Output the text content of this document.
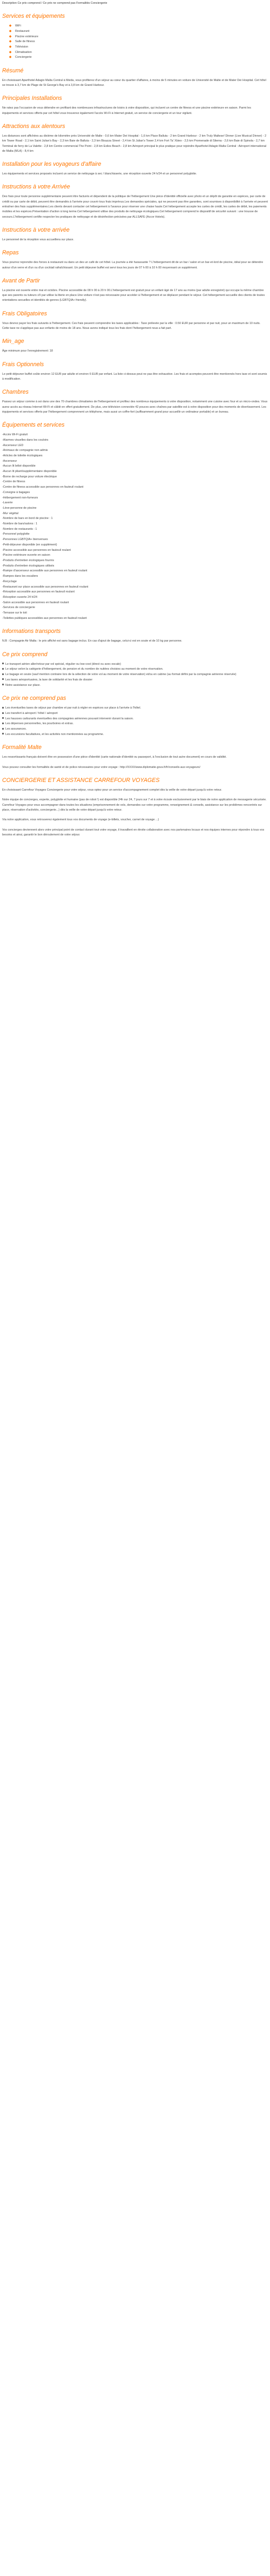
Description Ce prix comprend / Ce prix ne comprend pas Formalités Conciergerie

Services et équipements
◆ WiFi
◆ Restaurant
◆ Piscine extérieure
◆ Salle de fitness
◆ Télévision
◆ Climatisation
◆ Conciergerie
Résumé

En choisissant Aparthotel Adagio Malta Central à Msida, vous profiterez d'un séjour au cœur du quartier d'affaires, à moins de 5 minutes en voiture de Université de Malte et de Mater Dei Hospital. Cet hôtel se trouve à 3,7 km de Plage de St George's Bay et à 3,8 km de Grand Harbour.

Principales Installations

Ne ratez pas l'occasion de vous détendre en profitant des nombreuses infrastructures de loisirs à votre disposition, qui incluent un centre de fitness et une piscine extérieure en saison. Parmi les équipements et services offerts par cet hôtel vous trouverez également l'accès Wi-Fi à Internet gratuit, un service de conciergerie et un tour vigilant.

Attractions aux alentours

Les distances sont affichées au dixième de kilomètre près Université de Malte - 0,6 km Mater Dei Hospital - 1,6 km Place Balluta - 2 km Grand Harbour - 2 km Truly Maltese! Dinner (Live Musical Dinner) - 2 km Tower Road - 2,1 km Saint Julian's Bay - 2,3 km Baie de Balluta - 2,3 km Bisazza Street - 2,4 km St Julian's Tower 2,4 km Fort Ta' Xbiex - 2,5 km Promenade di Sliema - 2,6 km Baie di Spinola - 2,7 km Terminal de ferry de La Valette - 2,8 km Centre commercial The Point - 2,8 km Exiles Beach - 2,8 km Aéroport principal le plus pratique pour rejoindre Aparthotel Adagio Malta Central : Aéroport international de Malta (MLA) - 8,4 km

Installation pour les voyageurs d'affaire

Les équipements et services proposés incluent un service de nettoyage à sec / blanchisserie, une réception ouverte 24 h/24 et un personnel polyglotte.

Instructions à votre Arrivée

Des frais pour toute personne supplémentaire peuvent être facturés et dépendent de la politique de l'hébergement Une pièce d'identité officielle avec photo et un dépôt de garantie en espèces, par carte de crédit ou par carte de débit, peuvent être demandés à l'arrivée pour couvrir tous frais imprévus.Les demandes spéciales, qui ne peuvent pas être garanties, sont soumises à disponibilité à l'arrivée et peuvent entraîner des frais supplémentaires.Les clients devant contacter cet hébergement à l'avance pour réserver une chaise haute.Cet hébergement accepte les cartes de crédit, les cartes de débit, les paiements mobiles et les espèces.Présentation d'action à long terme.Cet hébergement utilise des produits de nettoyage écologiques.Cet hébergement comprend le dispositif de sécurité suivant : une trousse de secours.L'hébergement certifie respecter les pratiques de nettoyage et de désinfection précisées par ALLSAFE (Accor Hotels).

Instructions à votre arrivée

Le personnel de la réception vous accueillera sur place.

Repas

Vous pourrez reprendre des forces à restaurant ou dans un des un café de cet hôtel. La journée a été harassante ? L'hébergement dit de un bar / salon et un bar-et-lord de piscine, idéal pour se détendre autour d'un verre et d'un ou d'un cocktail rafraîchissant. Un petit déjeuner buffet est servi tous les jours de 07 h 00 à 10 h 00 moyennant un supplément.

Avant de Partir

La piscine est ouverte entre mai et octobre. Piscine accessible de 08 h 00 à 20 h 00.L'hébergement est gratuit pour un enfant âgé de 17 ans au moins (par adulte enregistré) qui occupe la même chambre que ses parents ou tuteurs s'il par utilise la literie en place.Une voiture n'est pas nécessaire pour accéder à l'hébergement et se déplacer pendant le séjour. Cet hébergement accueille des clients de toutes orientations sexuelles et identités de genres (LGBTQIA+ friendly).

Frais Obligatoires

Vous devrez payer les frais suivants à l'hébergement. Ces frais peuvent comprendre les taxes applicables : Taxe prélevée par la ville : 0.50 EUR par personne et par nuit, pour un maximum de 10 nuits. Cette taxe ne s'applique pas aux enfants de moins de 18 ans. Nous avons indiqué tous les frais dont l'hébergement nous a fait part.

Min_age

Âge minimum pour l'enregistrement: 18

Frais Optionnels

Le petit-déjeuner buffet coûte environ 12 EUR par adulte et environ 6 EUR par enfant. La liste ci-dessus peut ne pas être exhaustive. Les frais et acomptes peuvent être mentionnés hors taxe et sont soumis à modification.

Chambres

Passez un séjour comme à soi dans une des 70 chambres climatisées de l'hébergement et profitez des nombreux équipements à votre disposition, notamment une cuisine avec four et un micro-ondes. Vous aurez accès au réseau Internet Wi-Fi et câblé en offert gratuitement. De plus, une télévision connectée 42 pouces avec chaînes par satellite est à votre disposition pour des moments de divertissement. Les équipements et services offerts par l'hébergement comprennent un téléphone, mais aussi un coffre-fort (suffisamment grand pour accueillir un ordinateur portable) et un bureau.

Équipements et services
-Accès Wi-Fi gratuit
-Alarmes visuelles dans les couloirs
-Ascenseur LED
-Animaux de compagnie non admis
-Articles de toilette écologiques
-Ascenseur
-Aucun lit bébé disponible
-Aucun lit pliant/supplémentaire disponible
-Borne de recharge pour voiture électrique
-Centre de fitness
-Centre de fitness accessible aux personnes en fauteuil roulant
-Consigne à bagages
-Hébergement non-fumeurs
-Laverie
-Lève-personne de piscine
-Mur végétal
-Nombre de bars en bord de piscine : 1
-Nombre de bars/salons : 1
-Nombre de restaurants : 1
-Personnel polyglotte
-Personnes LGBTQIA+ bienvenues
-Petit-déjeuner disponible (en supplément)
-Piscine accessible aux personnes en fauteuil roulant
-Piscine extérieure ouverte en saison
-Produits d'entretien écologiques fournis
-Produits d'entretien écologiques utilisés
-Rampe d'ascenseur accessible aux personnes en fauteuil roulant
-Rampes dans les escaliers
-Recyclage
-Restaurant sur place accessible aux personnes en fauteuil roulant
-Réception accessible aux personnes en fauteuil roulant
-Réception ouverte 24 h/24
-Salon accessible aux personnes en fauteuil roulant
-Services de conciergerie
-Terrasse sur le toit
-Toilettes publiques accessibles aux personnes en fauteuil roulant
Informations transports

N.B : Compagnie Air Malta : le prix affiché est sans bagage inclus. En cas d'ajout de bagage, celui-ci est en soute et de 10 kg par personne.

Ce prix comprend
Le transport aérien aller/retour par vol spécial, régulier ou low-cost (direct ou avec escale)
Le séjour selon la catégorie d'hébergement, de pension et du nombre de nuitées choisies au moment de votre réservation.
Le bagage en soute (sauf mention contraire lors de la sélection de votre vol au moment de votre réservation) et/ou en cabine (au format défini par la compagnie aérienne réservée)
Les taxes aéroportuaires, la taxe de solidarité et les frais de dossier
Notre assistance sur place.
Ce prix ne comprend pas
Les éventuelles taxes de séjour par chambre et par nuit à régler en espèces sur place à l'arrivée à l'hôtel.
Les transfert à aéroport / hôtel / aéroport
Les hausses carburants éventuelles des compagnies aériennes pouvant intervenir durant la saison.
Les dépenses personnelles, les pourboires et extras.
Les assurances.
Les excursions facultatives, et les activités non mentionnées au programme.
Formalité Malte

Les ressortissants français doivent être en possession d'une pièce d'identité (carte nationale d'identité ou passeport, à l'exclusion de tout autre document) en cours de validité.

Vous pouvez consulter les formalités de santé et de police nécessaires pour votre voyage : http://XXXX/www.diplomatie.gouv.fr/fr/conseils-aux-voyageurs/

CONCIERGERIE ET ASSISTANCE CARREFOUR VOYAGES

En choisissant Carrefour Voyages Conciergerie pour votre séjour, vous optez pour un service d'accompagnement complet dès la veille de votre départ jusqu'à votre retour.

Notre équipe de concierges, experte, polyglotte et humaine (pas de robot !) est disponible 24h sur 24, 7 jours sur 7 et à votre écoute exclusivement par le biais de notre application de messagerie sécurisée. Carrefour Voyages pour vous accompagner dans toutes les situations (emprisonnement de vols, demandes sur votre programme, renseignement & conseils, assistance sur les problèmes rencontrés sur place, réservation d'activités, conciergerie...) dès la veille de votre départ jusqu'à votre retour.

Via notre application, vous retrouverez également tous vos documents de voyage (e-billets, voucher, carnet de voyage ...)

Vos concierges deviennent alors votre principal point de contact durant tout votre voyage, il travaillent en étroite collaboration avec nos partenaires locaux et nos équipes internes pour répondre à tous vos besoins et ainsi, garantir le bon déroulement de votre séjour.
